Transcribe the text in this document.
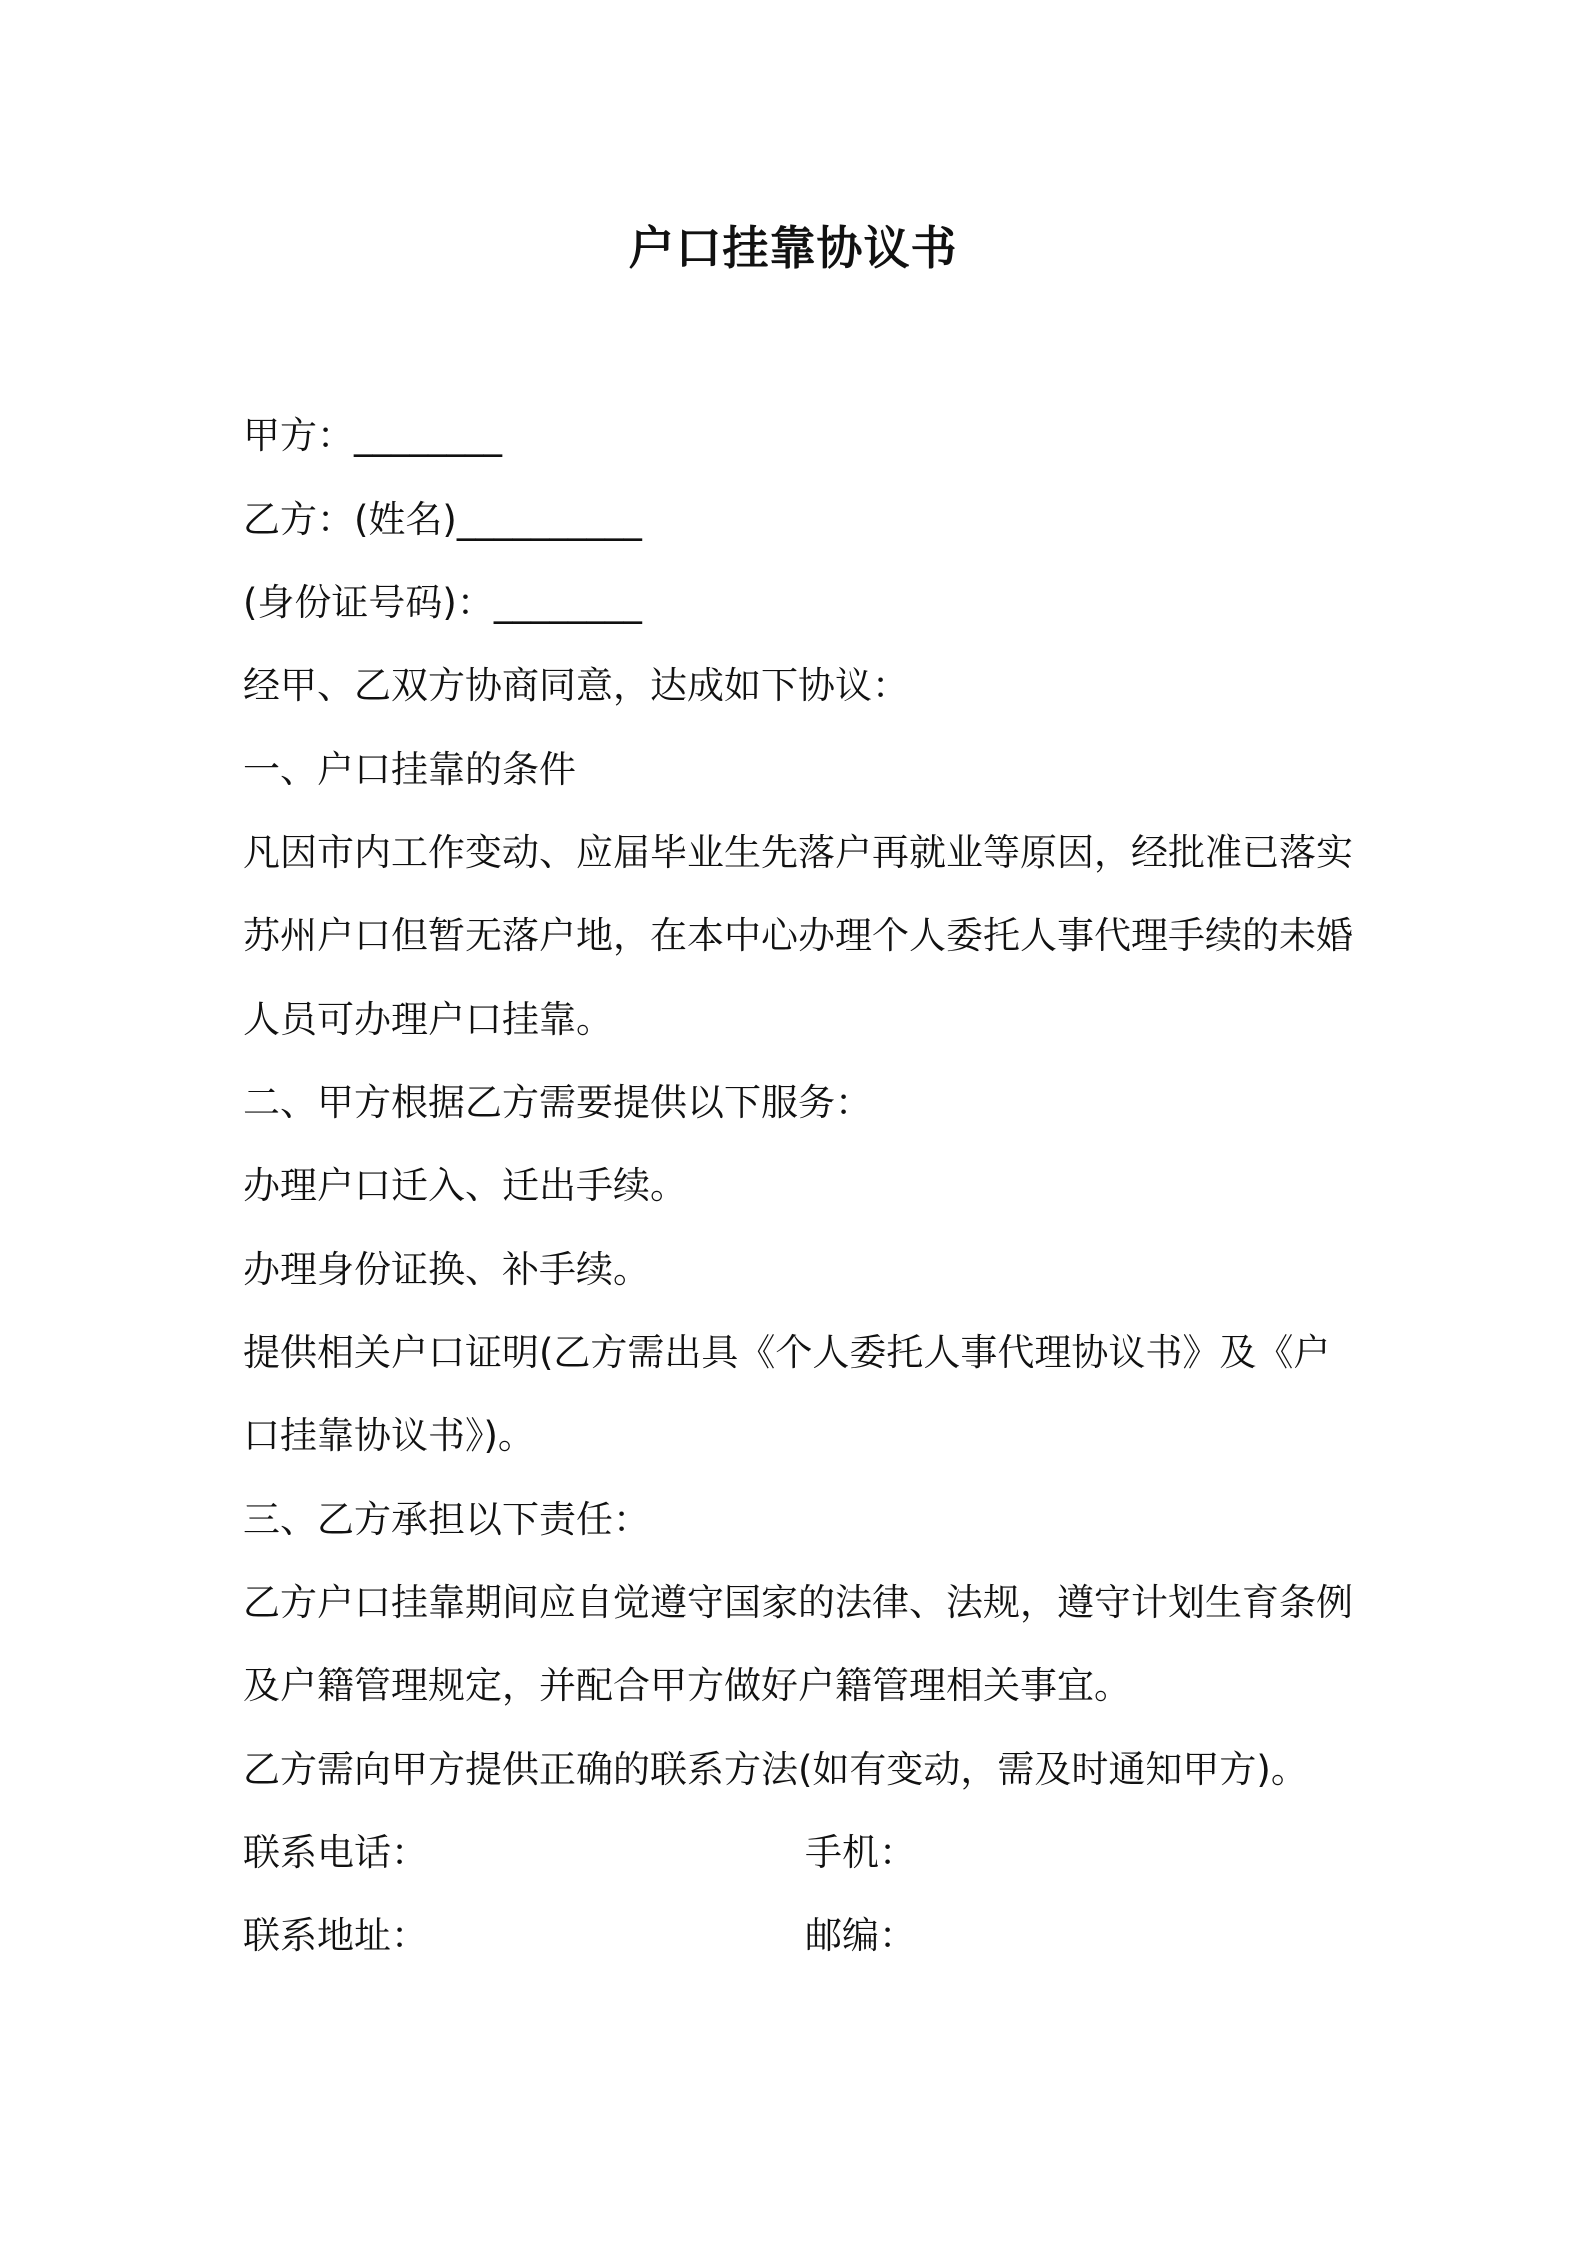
户口挂靠协议书
甲方：________
乙方：(姓名)__________
(身份证号码)：________
经甲、乙双方协商同意，达成如下协议：
一、户口挂靠的条件
凡因市内工作变动、应届毕业生先落户再就业等原因，经批准已落实
苏州户口但暂无落户地，在本中心办理个人委托人事代理手续的未婚
人员可办理户口挂靠。
二、甲方根据乙方需要提供以下服务：
办理户口迁入、迁出手续。
办理身份证换、补手续。
提供相关户口证明(乙方需出具《个人委托人事代理协议书》及《户
口挂靠协议书》)。
三、乙方承担以下责任：
乙方户口挂靠期间应自觉遵守国家的法律、法规，遵守计划生育条例
及户籍管理规定，并配合甲方做好户籍管理相关事宜。
乙方需向甲方提供正确的联系方法(如有变动，需及时通知甲方)。
联系电话：	手机：
联系地址：	邮编：
